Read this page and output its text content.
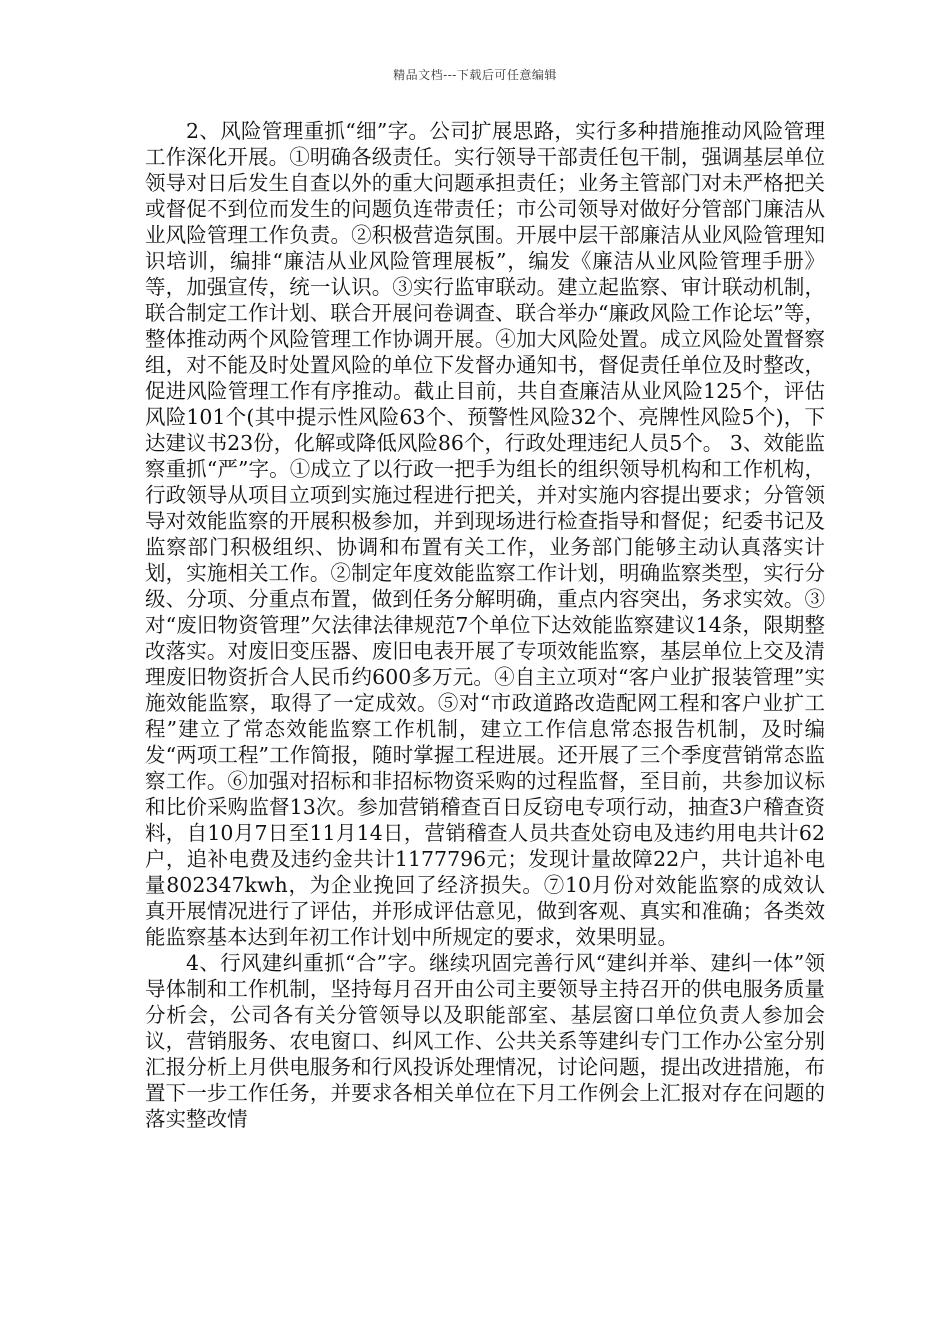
精品文档---下载后可任意编辑

2、风险管理重抓“细”字。公司扩展思路，实行多种措施推动风险管理工作深化开展。①明确各级责任。实行领导干部责任包干制，强调基层单位领导对日后发生自查以外的重大问题承担责任；业务主管部门对未严格把关或督促不到位而发生的问题负连带责任；市公司领导对做好分管部门廉洁从业风险管理工作负责。②积极营造氛围。开展中层干部廉洁从业风险管理知识培训，编排“廉洁从业风险管理展板”，编发《廉洁从业风险管理手册》等，加强宣传，统一认识。③实行监审联动。建立起监察、审计联动机制，联合制定工作计划、联合开展问卷调查、联合举办“廉政风险工作论坛”等，整体推动两个风险管理工作协调开展。④加大风险处置。成立风险处置督察组，对不能及时处置风险的单位下发督办通知书，督促责任单位及时整改，促进风险管理工作有序推动。截止目前，共自查廉洁从业风险125个，评估风险101个(其中提示性风险63个、预警性风险32个、亮牌性风险5个)，下达建议书23份，化解或降低风险86个，行政处理违纪人员5个。 3、效能监察重抓“严”字。①成立了以行政一把手为组长的组织领导机构和工作机构，行政领导从项目立项到实施过程进行把关，并对实施内容提出要求；分管领导对效能监察的开展积极参加，并到现场进行检查指导和督促；纪委书记及监察部门积极组织、协调和布置有关工作，业务部门能够主动认真落实计划，实施相关工作。②制定年度效能监察工作计划，明确监察类型，实行分级、分项、分重点布置，做到任务分解明确，重点内容突出，务求实效。③对“废旧物资管理”欠法律法律规范7个单位下达效能监察建议14条，限期整改落实。对废旧变压器、废旧电表开展了专项效能监察，基层单位上交及清理废旧物资折合人民币约600多万元。④自主立项对“客户业扩报装管理”实施效能监察，取得了一定成效。⑤对“市政道路改造配网工程和客户业扩工程”建立了常态效能监察工作机制，建立工作信息常态报告机制，及时编发“两项工程”工作简报，随时掌握工程进展。还开展了三个季度营销常态监察工作。⑥加强对招标和非招标物资采购的过程监督，至目前，共参加议标和比价采购监督13次。参加营销稽查百日反窃电专项行动，抽查3户稽查资料，自10月7日至11月14日，营销稽查人员共查处窃电及违约用电共计62户，追补电费及违约金共计1177796元；发现计量故障22户，共计追补电量802347kwh，为企业挽回了经济损失。⑦10月份对效能监察的成效认真开展情况进行了评估，并形成评估意见，做到客观、真实和准确；各类效能监察基本达到年初工作计划中所规定的要求，效果明显。

4、行风建纠重抓“合”字。继续巩固完善行风“建纠并举、建纠一体”领导体制和工作机制，坚持每月召开由公司主要领导主持召开的供电服务质量分析会，公司各有关分管领导以及职能部室、基层窗口单位负责人参加会议，营销服务、农电窗口、纠风工作、公共关系等建纠专门工作办公室分别汇报分析上月供电服务和行风投诉处理情况，讨论问题，提出改进措施，布置下一步工作任务，并要求各相关单位在下月工作例会上汇报对存在问题的落实整改情
